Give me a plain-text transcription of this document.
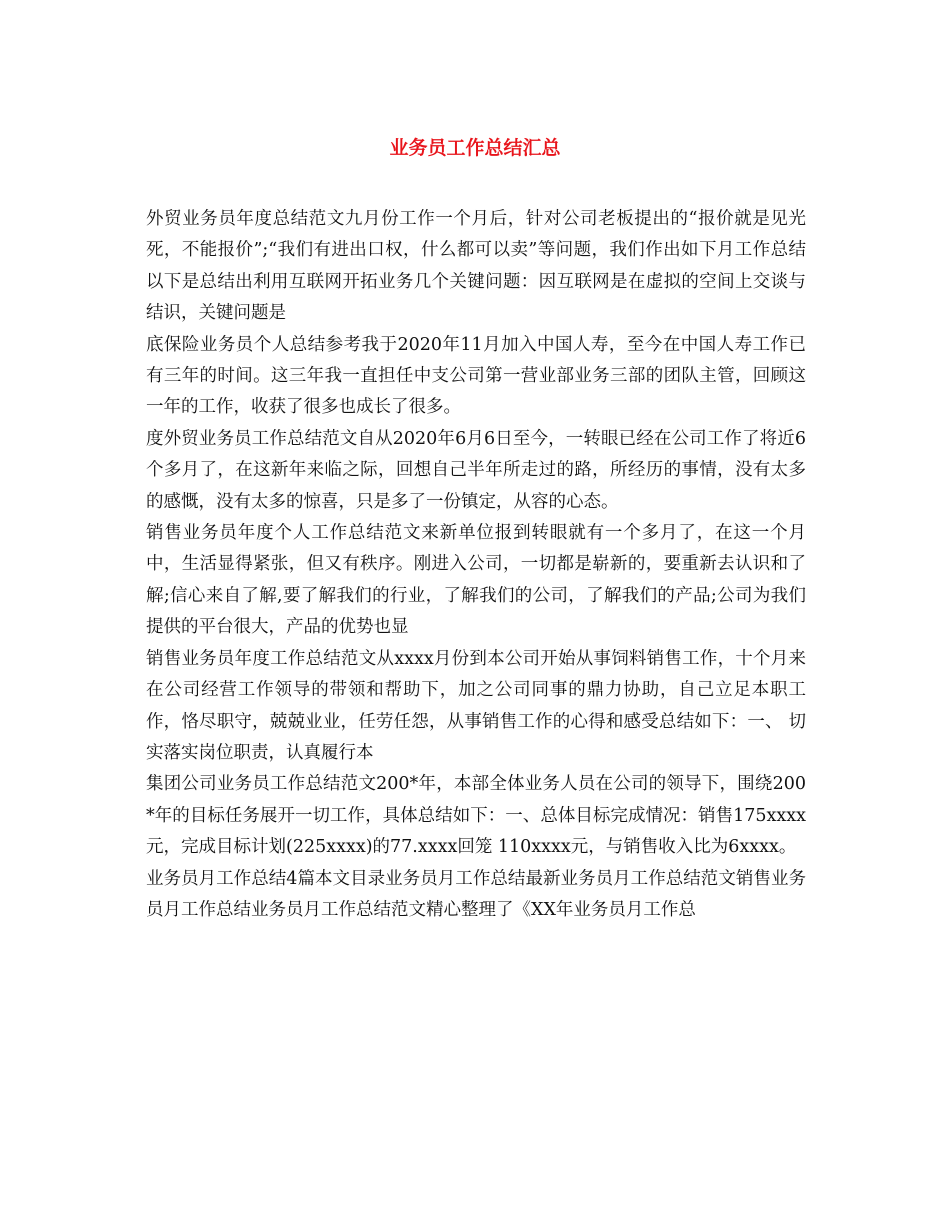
业务员工作总结汇总

外贸业务员年度总结范文九月份工作一个月后，针对公司老板提出的“报价就是见光死，不能报价”;“我们有进出口权，什么都可以卖”等问题，我们作出如下月工作总结 以下是总结出利用互联网开拓业务几个关键问题：因互联网是在虚拟的空间上交谈与结识，关键问题是

底保险业务员个人总结参考我于2020年11月加入中国人寿，至今在中国人寿工作已有三年的时间。这三年我一直担任中支公司第一营业部业务三部的团队主管，回顾这一年的工作，收获了很多也成长了很多。

度外贸业务员工作总结范文自从2020年6月6日至今，一转眼已经在公司工作了将近6个多月了，在这新年来临之际，回想自己半年所走过的路，所经历的事情，没有太多的感慨，没有太多的惊喜，只是多了一份镇定，从容的心态。

销售业务员年度个人工作总结范文来新单位报到转眼就有一个多月了，在这一个月中，生活显得紧张，但又有秩序。刚进入公司，一切都是崭新的，要重新去认识和了解;信心来自了解,要了解我们的行业，了解我们的公司，了解我们的产品;公司为我们提供的平台很大，产品的优势也显

销售业务员年度工作总结范文从xxxx月份到本公司开始从事饲料销售工作，十个月来在公司经营工作领导的带领和帮助下，加之公司同事的鼎力协助，自己立足本职工作，恪尽职守，兢兢业业，任劳任怨，从事销售工作的心得和感受总结如下：一、 切实落实岗位职责，认真履行本

集团公司业务员工作总结范文200*年，本部全体业务人员在公司的领导下，围绕200*年的目标任务展开一切工作，具体总结如下：一、总体目标完成情况：销售175xxxx元，完成目标计划(225xxxx)的77.xxxx回笼 110xxxx元，与销售收入比为6xxxx。

业务员月工作总结4篇本文目录业务员月工作总结最新业务员月工作总结范文销售业务员月工作总结业务员月工作总结范文精心整理了《XX年业务员月工作总
